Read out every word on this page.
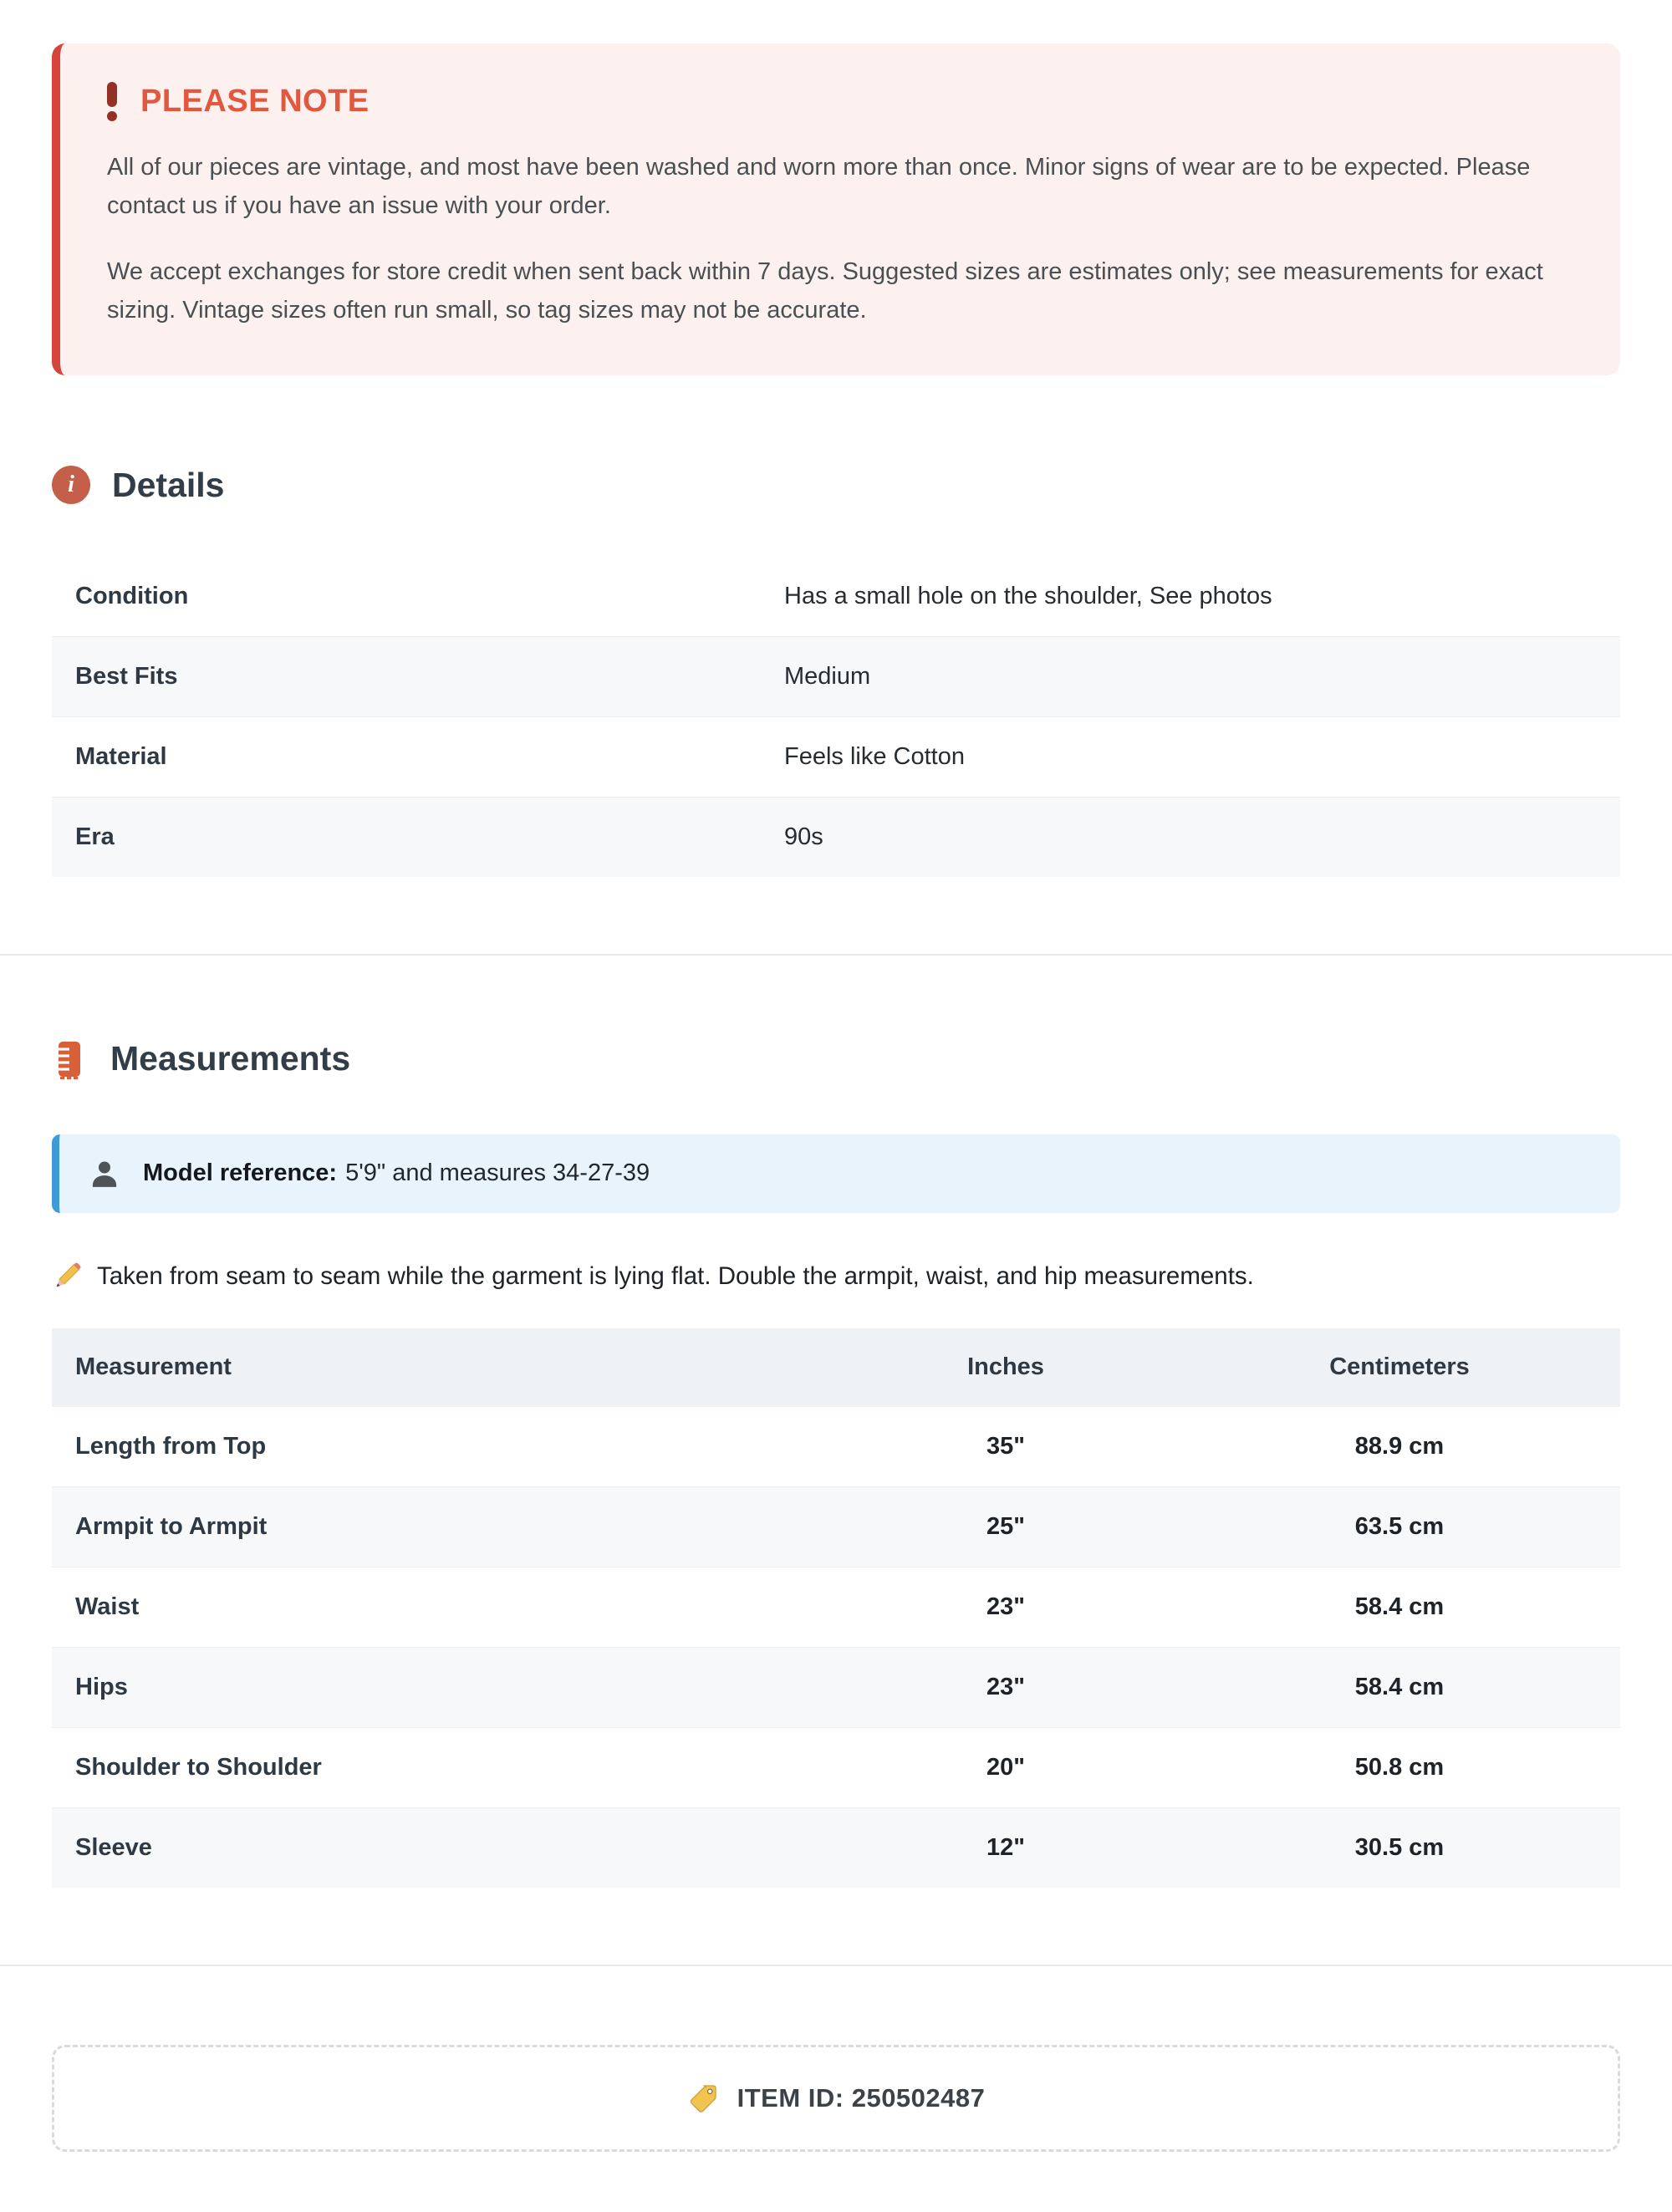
PLEASE NOTE

All of our pieces are vintage, and most have been washed and worn more than once. Minor signs of wear are to be expected. Please contact us if you have an issue with your order.

We accept exchanges for store credit when sent back within 7 days. Suggested sizes are estimates only; see measurements for exact sizing. Vintage sizes often run small, so tag sizes may not be accurate.

i
Details
Condition	Has a small hole on the shoulder, See photos
Best Fits	Medium
Material	Feels like Cotton
Era	90s
Measurements
Model reference: 5'9" and measures 34-27-39
Taken from seam to seam while the garment is lying flat. Double the armpit, waist, and hip measurements.
Measurement	Inches	Centimeters
Length from Top	35"	88.9 cm
Armpit to Armpit	25"	63.5 cm
Waist	23"	58.4 cm
Hips	23"	58.4 cm
Shoulder to Shoulder	20"	50.8 cm
Sleeve	12"	30.5 cm
ITEM ID: 250502487
